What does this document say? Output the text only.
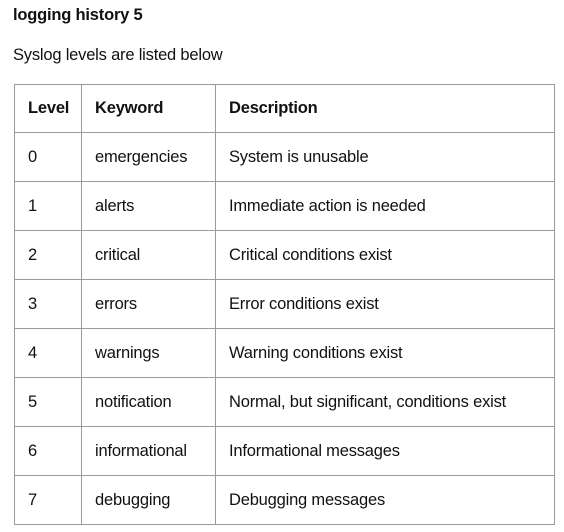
logging history 5
Syslog levels are listed below
Level	Keyword	Description
0	emergencies	System is unusable
1	alerts	Immediate action is needed
2	critical	Critical conditions exist
3	errors	Error conditions exist
4	warnings	Warning conditions exist
5	notification	Normal, but significant, conditions exist
6	informational	Informational messages
7	debugging	Debugging messages
